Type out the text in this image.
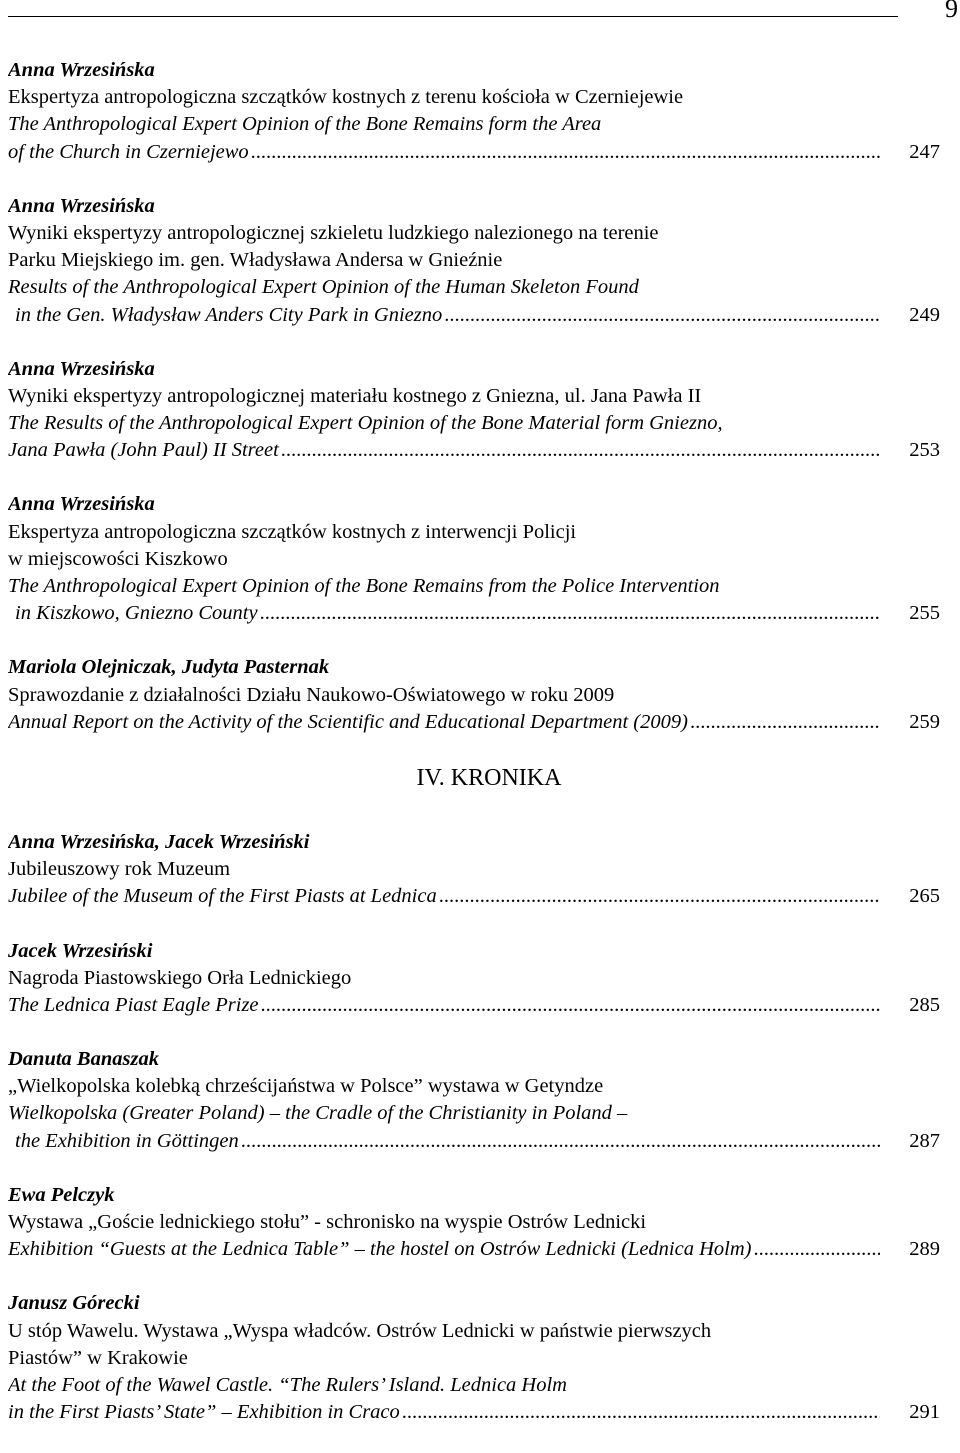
9
Anna Wrzesińska
Ekspertyza antropologiczna szczątków kostnych z terenu kościoła w Czerniejewie
The Anthropological Expert Opinion of the Bone Remains form the Area
of the Church in Czerniejewo .....	247
Anna Wrzesińska
Wyniki ekspertyzy antropologicznej szkieletu ludzkiego nalezionego na terenie
Parku Miejskiego im. gen. Władysława Andersa w Gnieźnie
Results of the Anthropological Expert Opinion of the Human Skeleton Found
in the Gen. Władysław Anders City Park in Gniezno .....	249
Anna Wrzesińska
Wyniki ekspertyzy antropologicznej materiału kostnego z Gniezna, ul. Jana Pawła II
The Results of the Anthropological Expert Opinion of the Bone Material form Gniezno,
Jana Pawła (John Paul) II Street .....	253
Anna Wrzesińska
Ekspertyza antropologiczna szczątków kostnych z interwencji Policji
w miejscowości Kiszkowo
The Anthropological Expert Opinion of the Bone Remains from the Police Intervention
in Kiszkowo, Gniezno County .....	255
Mariola Olejniczak, Judyta Pasternak
Sprawozdanie z działalności Działu Naukowo-Oświatowego w roku 2009
Annual Report on the Activity of the Scientific and Educational Department (2009) .....	259
IV. KRONIKA
Anna Wrzesińska, Jacek Wrzesiński
Jubileuszowy rok Muzeum
Jubilee of the Museum of the First Piasts at Lednica .....	265
Jacek Wrzesiński
Nagroda Piastowskiego Orła Lednickiego
The Lednica Piast Eagle Prize .....	285
Danuta Banaszak
„Wielkopolska kolebką chrześcijaństwa w Polsce” wystawa w Getyndze
Wielkopolska (Greater Poland) – the Cradle of the Christianity in Poland –
the Exhibition in Göttingen .....	287
Ewa Pelczyk
Wystawa „Goście lednickiego stołu” - schronisko na wyspie Ostrów Lednicki
Exhibition “Guests at the Lednica Table” – the hostel on Ostrów Lednicki (Lednica Holm) .....	289
Janusz Górecki
U stóp Wawelu. Wystawa „Wyspa władców. Ostrów Lednicki w państwie pierwszych
Piastów” w Krakowie
At the Foot of the Wawel Castle. “The Rulers’ Island. Lednica Holm
in the First Piasts’ State” – Exhibition in Craco .....	291
